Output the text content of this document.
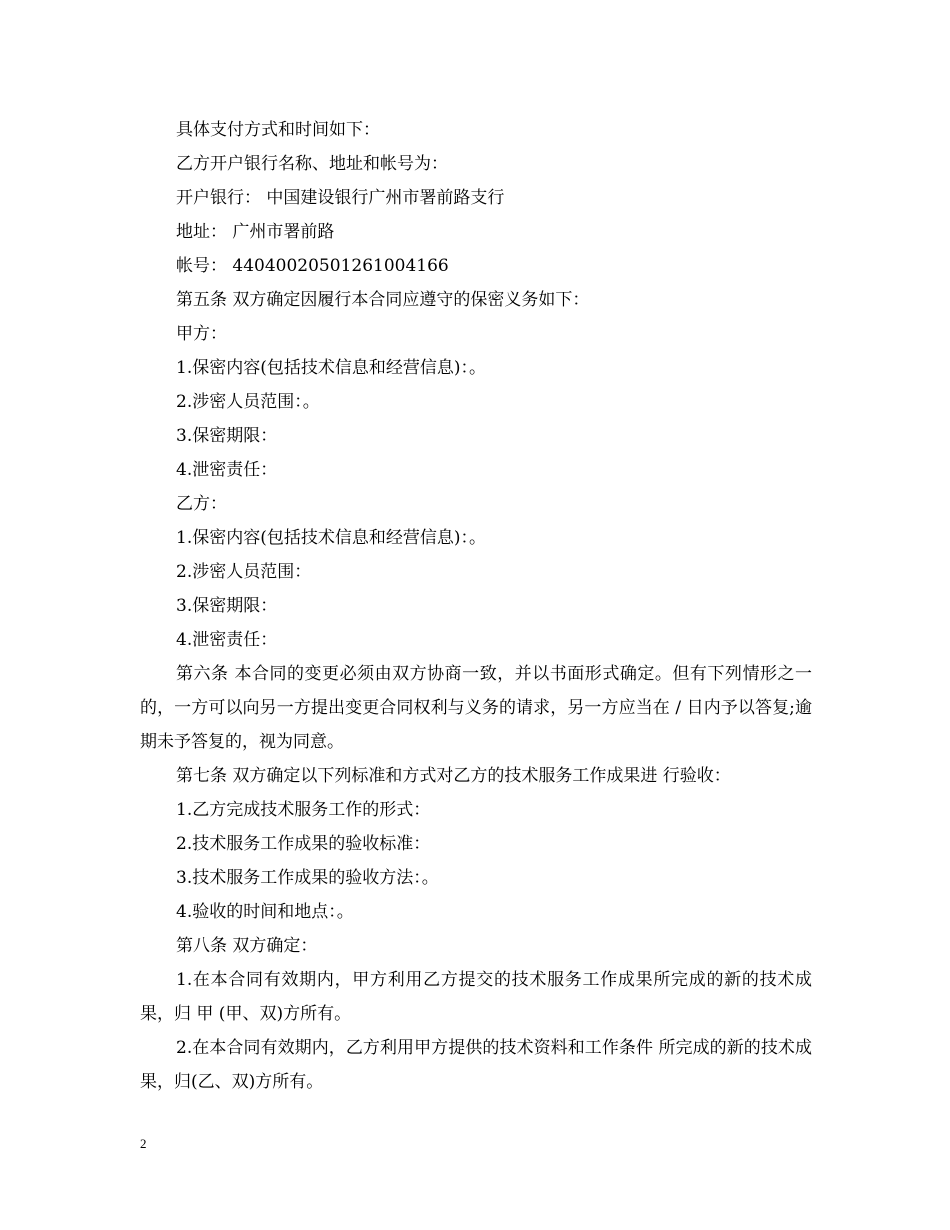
具体支付方式和时间如下：

乙方开户银行名称、地址和帐号为：

开户银行： 中国建设银行广州市署前路支行

地址： 广州市署前路

帐号： 44040020501261004166

第五条 双方确定因履行本合同应遵守的保密义务如下：

甲方：

1.保密内容(包括技术信息和经营信息)：。

2.涉密人员范围：。

3.保密期限：

4.泄密责任：

乙方：

1.保密内容(包括技术信息和经营信息)：。

2.涉密人员范围：

3.保密期限：

4.泄密责任：

第六条 本合同的变更必须由双方协商一致，并以书面形式确定。但有下列情形之一的，一方可以向另一方提出变更合同权利与义务的请求，另一方应当在 / 日内予以答复;逾期未予答复的，视为同意。

第七条 双方确定以下列标准和方式对乙方的技术服务工作成果进 行验收：

1.乙方完成技术服务工作的形式：

2.技术服务工作成果的验收标准：

3.技术服务工作成果的验收方法：。

4.验收的时间和地点：。

第八条 双方确定：

1.在本合同有效期内，甲方利用乙方提交的技术服务工作成果所完成的新的技术成果，归 甲 (甲、双)方所有。

2.在本合同有效期内，乙方利用甲方提供的技术资料和工作条件 所完成的新的技术成果，归(乙、双)方所有。

2
